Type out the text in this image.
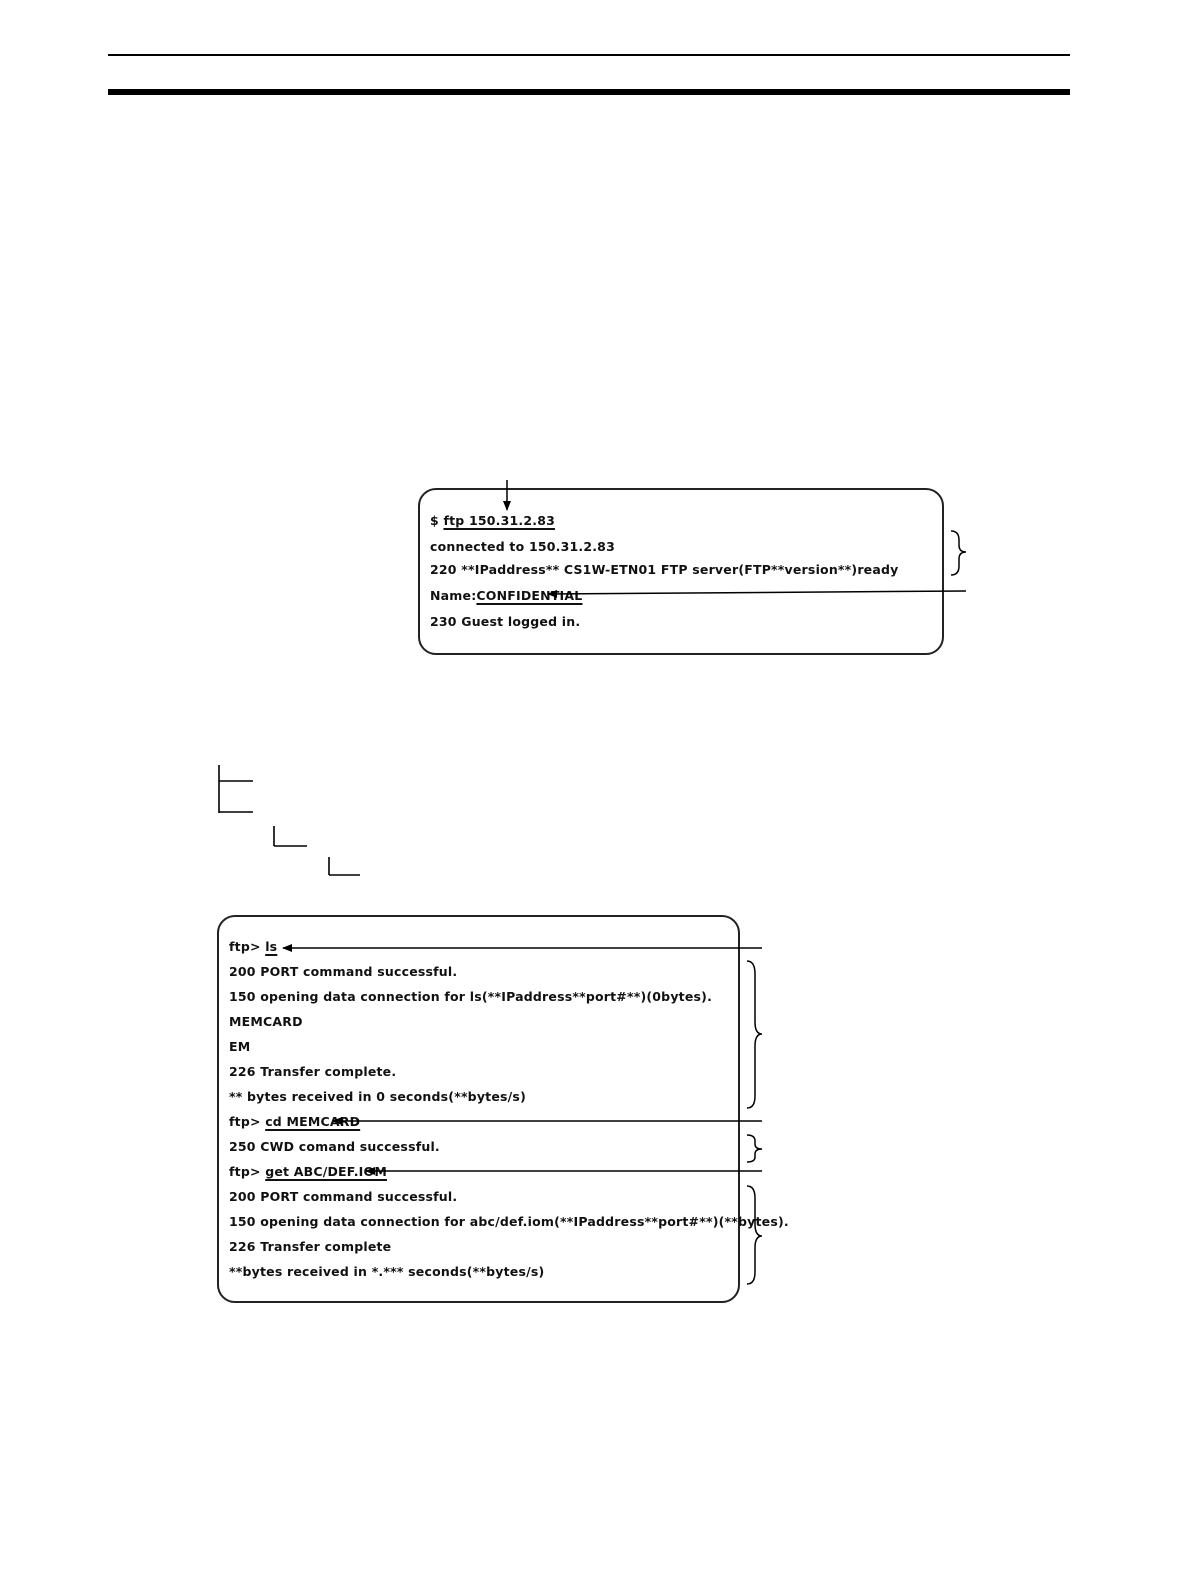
$ ftp 150.31.2.83
connected to 150.31.2.83
220 **IPaddress** CS1W-ETN01 FTP server(FTP**version**)ready
Name:CONFIDENTIAL
230 Guest logged in.
ftp> ls
200 PORT command successful.
150 opening data connection for ls(**IPaddress**port#**)(0bytes).
MEMCARD
EM
226 Transfer complete.
** bytes received in 0 seconds(**bytes/s)
ftp> cd MEMCARD
250 CWD comand successful.
ftp> get ABC/DEF.IOM
200 PORT command successful.
150 opening data connection for abc/def.iom(**IPaddress**port#**)(**bytes).
226 Transfer complete
**bytes received in *.*** seconds(**bytes/s)
